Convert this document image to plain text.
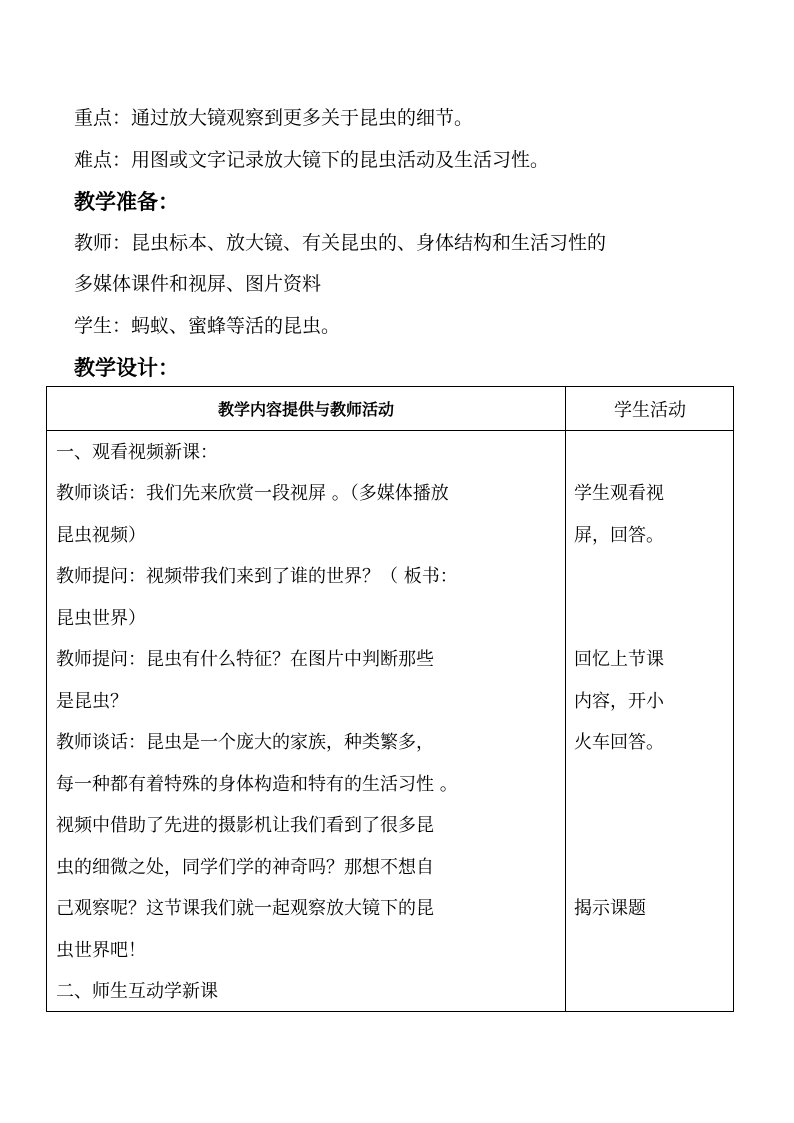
重点：通过放大镜观察到更多关于昆虫的细节。
难点：用图或文字记录放大镜下的昆虫活动及生活习性。
教学准备：
教师：昆虫标本、放大镜、有关昆虫的、身体结构和生活习性的
多媒体课件和视屏、图片资料
学生：蚂蚁、蜜蜂等活的昆虫。
教学设计：
教学内容提供与教师活动	学生活动
一、观看视频新课：
教师谈话：我们先来欣赏一段视屏 。（多媒体播放
昆虫视频）
教师提问：视频带我们来到了谁的世界？（ 板书：
昆虫世界）
教师提问：昆虫有什么特征？在图片中判断那些
是昆虫？
教师谈话：昆虫是一个庞大的家族，种类繁多，
每一种都有着特殊的身体构造和特有的生活习性 。
视频中借助了先进的摄影机让我们看到了很多昆
虫的细微之处，同学们学的神奇吗？那想不想自
己观察呢？这节课我们就一起观察放大镜下的昆
虫世界吧！
二、师生互动学新课
学生观看视
屏，回答。
回忆上节课
内容，开小
火车回答。
揭示课题
